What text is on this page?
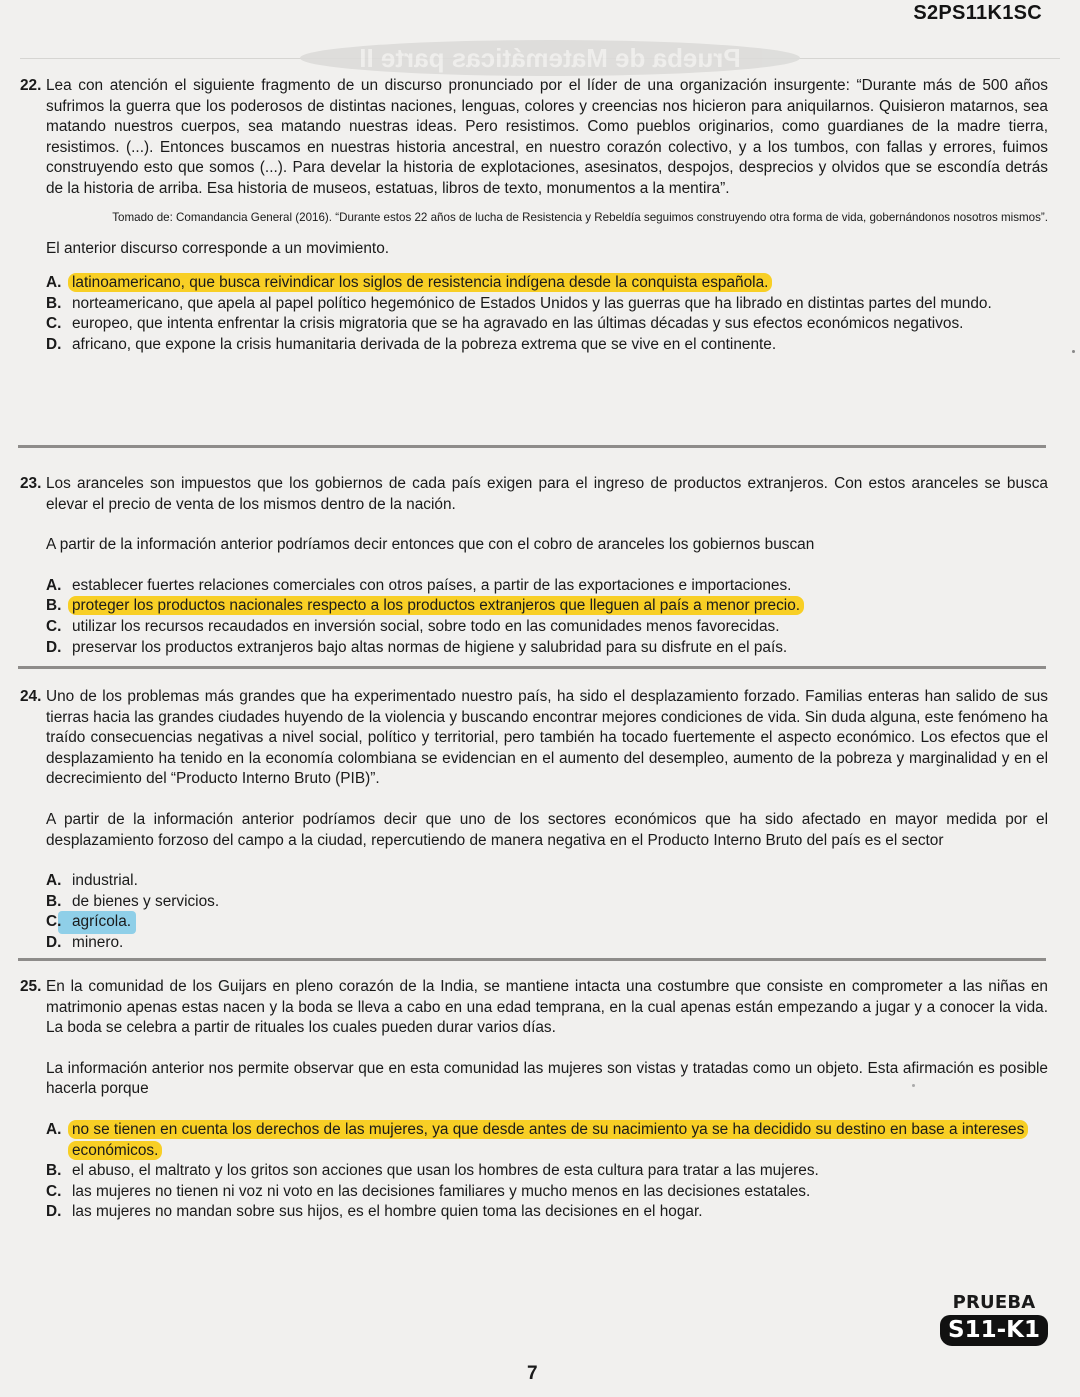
S2PS11K1SC
Prueba de Matemáticas parte II
22. Lea con atención el siguiente fragmento de un discurso pronunciado por el líder de una organización insurgente: “Durante más de 500 años sufrimos la guerra que los poderosos de distintas naciones, lenguas, colores y creencias nos hicieron para aniquilarnos. Quisieron matarnos, sea matando nuestros cuerpos, sea matando nuestras ideas. Pero resistimos. Como pueblos originarios, como guardianes de la madre tierra, resistimos. (...). Entonces buscamos en nuestras historia ancestral, en nuestro corazón colectivo, y a los tumbos, con fallas y errores, fuimos construyendo esto que somos (...). Para develar la historia de explotaciones, asesinatos, despojos, desprecios y olvidos que se escondía detrás de la historia de arriba. Esa historia de museos, estatuas, libros de texto, monumentos a la mentira”.

Tomado de: Comandancia General (2016). “Durante estos 22 años de lucha de Resistencia y Rebeldía seguimos construyendo otra forma de vida, gobernándonos nosotros mismos”.

El anterior discurso corresponde a un movimiento.

A. latinoamericano, que busca reivindicar los siglos de resistencia indígena desde la conquista española.
B. norteamericano, que apela al papel político hegemónico de Estados Unidos y las guerras que ha librado en distintas partes del mundo.
C. europeo, que intenta enfrentar la crisis migratoria que se ha agravado en las últimas décadas y sus efectos económicos negativos.
D. africano, que expone la crisis humanitaria derivada de la pobreza extrema que se vive en el continente.
23. Los aranceles son impuestos que los gobiernos de cada país exigen para el ingreso de productos extranjeros. Con estos aranceles se busca elevar el precio de venta de los mismos dentro de la nación.

A partir de la información anterior podríamos decir entonces que con el cobro de aranceles los gobiernos buscan

A. establecer fuertes relaciones comerciales con otros países, a partir de las exportaciones e importaciones.
B. proteger los productos nacionales respecto a los productos extranjeros que lleguen al país a menor precio.
C. utilizar los recursos recaudados en inversión social, sobre todo en las comunidades menos favorecidas.
D. preservar los productos extranjeros bajo altas normas de higiene y salubridad para su disfrute en el país.
24. Uno de los problemas más grandes que ha experimentado nuestro país, ha sido el desplazamiento forzado. Familias enteras han salido de sus tierras hacia las grandes ciudades huyendo de la violencia y buscando encontrar mejores condiciones de vida. Sin duda alguna, este fenómeno ha traído consecuencias negativas a nivel social, político y territorial, pero también ha tocado fuertemente el aspecto económico. Los efectos que el desplazamiento ha tenido en la economía colombiana se evidencian en el aumento del desempleo, aumento de la pobreza y marginalidad y en el decrecimiento del “Producto Interno Bruto (PIB)”.

A partir de la información anterior podríamos decir que uno de los sectores económicos que ha sido afectado en mayor medida por el desplazamiento forzoso del campo a la ciudad, repercutiendo de manera negativa en el Producto Interno Bruto del país es el sector

A. industrial.
B. de bienes y servicios.
C. agrícola.
D. minero.
25. En la comunidad de los Guijars en pleno corazón de la India, se mantiene intacta una costumbre que consiste en comprometer a las niñas en matrimonio apenas estas nacen y la boda se lleva a cabo en una edad temprana, en la cual apenas están empezando a jugar y a conocer la vida. La boda se celebra a partir de rituales los cuales pueden durar varios días.

La información anterior nos permite observar que en esta comunidad las mujeres son vistas y tratadas como un objeto. Esta afirmación es posible hacerla porque

A. no se tienen en cuenta los derechos de las mujeres, ya que desde antes de su nacimiento ya se ha decidido su destino en base a intereses económicos.
B. el abuso, el maltrato y los gritos son acciones que usan los hombres de esta cultura para tratar a las mujeres.
C. las mujeres no tienen ni voz ni voto en las decisiones familiares y mucho menos en las decisiones estatales.
D. las mujeres no mandan sobre sus hijos, es el hombre quien toma las decisiones en el hogar.
7
PRUEBA
S11-K1
